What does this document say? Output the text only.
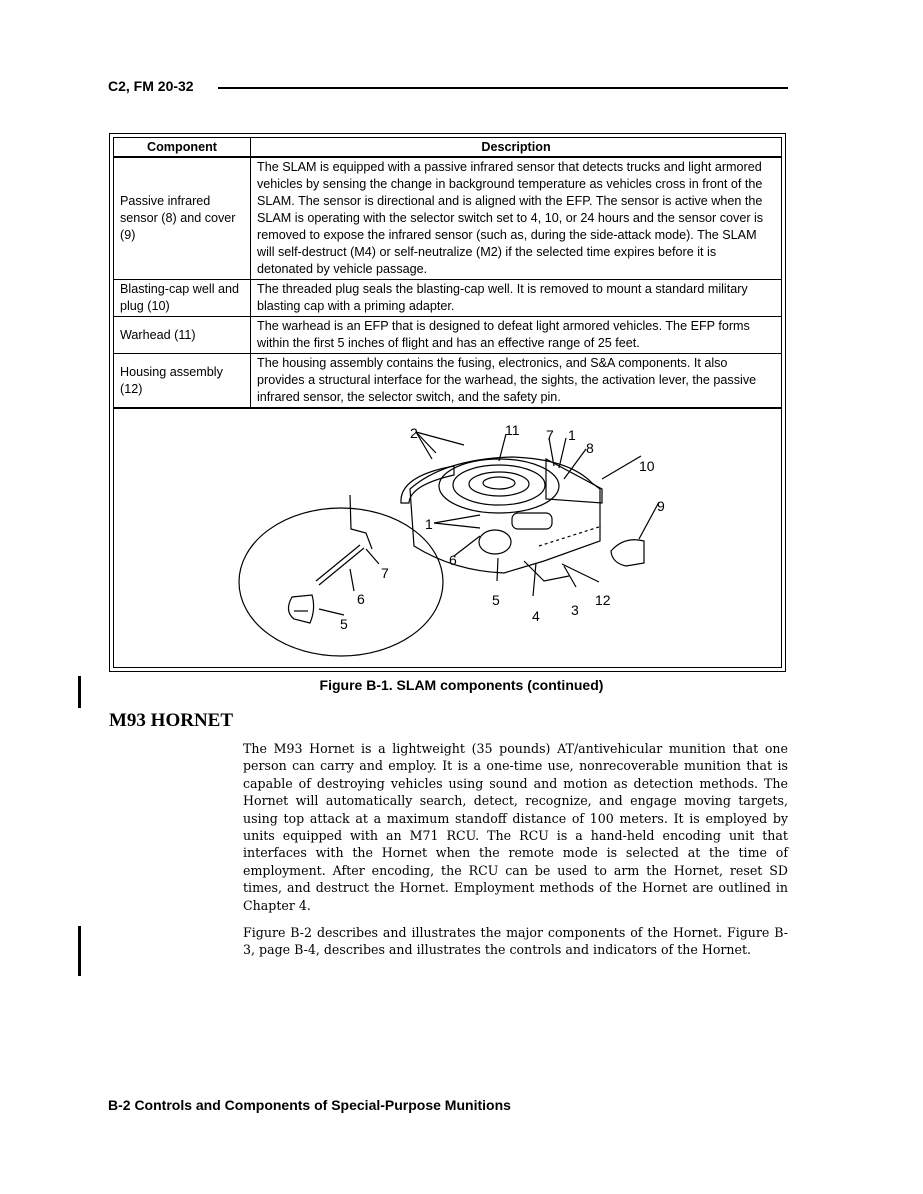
C2, FM 20-32
Component	Description
Passive infrared sensor (8) and cover (9)	The SLAM is equipped with a passive infrared sensor that detects trucks and light armored vehicles by sensing the change in background temperature as vehicles cross in front of the SLAM. The sensor is directional and is aligned with the EFP. The sensor is active when the SLAM is operating with the selector switch set to 4, 10, or 24 hours and the sensor cover is removed to expose the infrared sensor (such as, during the side-attack mode). The SLAM will self-destruct (M4) or self-neutralize (M2) if the selected time expires before it is detonated by vehicle passage.
Blasting-cap well and plug (10)	The threaded plug seals the blasting-cap well. It is removed to mount a standard military blasting cap with a priming adapter.
Warhead (11)	The warhead is an EFP that is designed to defeat light armored vehicles. The EFP forms within the first 5 inches of flight and has an effective range of 25 feet.
Housing assembly (12)	The housing assembly contains the fusing, electronics, and S&A components. It also provides a structural interface for the warhead, the sights, the activation lever, the passive infrared sensor, the selector switch, and the safety pin.
2	11 7 1
8
10
9
1
6
7
6
5
5
4 3
12
Figure B-1. SLAM components (continued)
M93 HORNET

The M93 Hornet is a lightweight (35 pounds) AT/antivehicular munition that one person can carry and employ. It is a one-time use, nonrecoverable munition that is capable of destroying vehicles using sound and motion as detection methods. The Hornet will automatically search, detect, recognize, and engage moving targets, using top attack at a maximum standoff distance of 100 meters. It is employed by units equipped with an M71 RCU. The RCU is a hand-held encoding unit that interfaces with the Hornet when the remote mode is selected at the time of employment. After encoding, the RCU can be used to arm the Hornet, reset SD times, and destruct the Hornet. Employment methods of the Hornet are outlined in Chapter 4.

Figure B-2 describes and illustrates the major components of the Hornet. Figure B-3, page B-4, describes and illustrates the controls and indicators of the Hornet.

B-2 Controls and Components of Special-Purpose Munitions
